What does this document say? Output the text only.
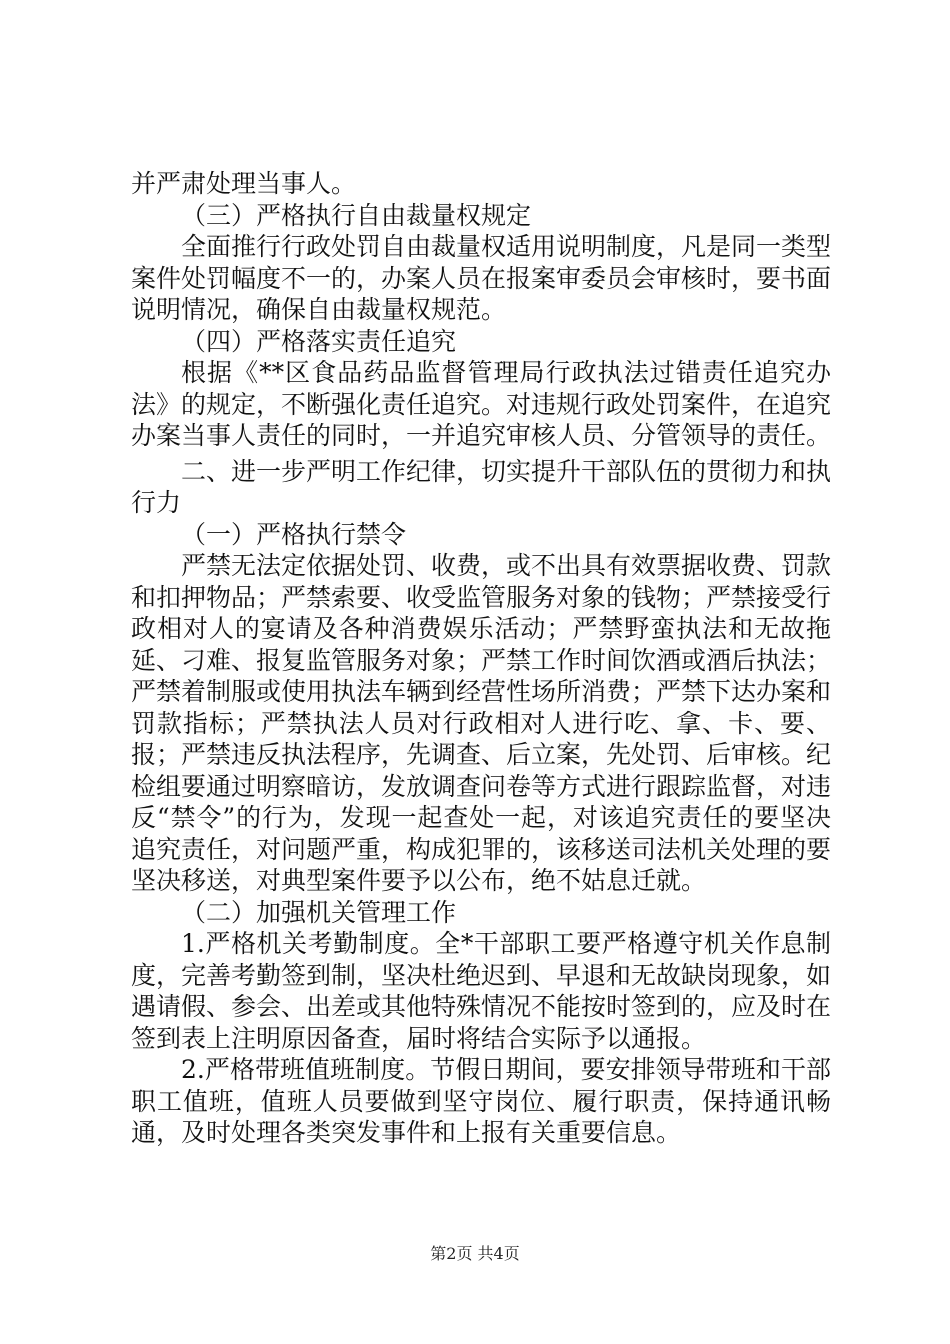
并严肃处理当事人。

（三）严格执行自由裁量权规定

全面推行行政处罚自由裁量权适用说明制度，凡是同一类型案件处罚幅度不一的，办案人员在报案审委员会审核时，要书面说明情况，确保自由裁量权规范。

（四）严格落实责任追究

根据《**区食品药品监督管理局行政执法过错责任追究办法》的规定，不断强化责任追究。对违规行政处罚案件，在追究办案当事人责任的同时，一并追究审核人员、分管领导的责任。

二、进一步严明工作纪律，切实提升干部队伍的贯彻力和执行力

（一）严格执行禁令

严禁无法定依据处罚、收费，或不出具有效票据收费、罚款和扣押物品；严禁索要、收受监管服务对象的钱物；严禁接受行政相对人的宴请及各种消费娱乐活动；严禁野蛮执法和无故拖延、刁难、报复监管服务对象；严禁工作时间饮酒或酒后执法；严禁着制服或使用执法车辆到经营性场所消费；严禁下达办案和罚款指标；严禁执法人员对行政相对人进行吃、拿、卡、要、报；严禁违反执法程序，先调查、后立案，先处罚、后审核。纪检组要通过明察暗访，发放调查问卷等方式进行跟踪监督，对违反“禁令”的行为，发现一起查处一起，对该追究责任的要坚决追究责任，对问题严重，构成犯罪的，该移送司法机关处理的要坚决移送，对典型案件要予以公布，绝不姑息迁就。

（二）加强机关管理工作

1.严格机关考勤制度。全*干部职工要严格遵守机关作息制度，完善考勤签到制，坚决杜绝迟到、早退和无故缺岗现象，如遇请假、参会、出差或其他特殊情况不能按时签到的，应及时在签到表上注明原因备查，届时将结合实际予以通报。

2.严格带班值班制度。节假日期间，要安排领导带班和干部职工值班，值班人员要做到坚守岗位、履行职责，保持通讯畅通，及时处理各类突发事件和上报有关重要信息。

第2页 共4页
